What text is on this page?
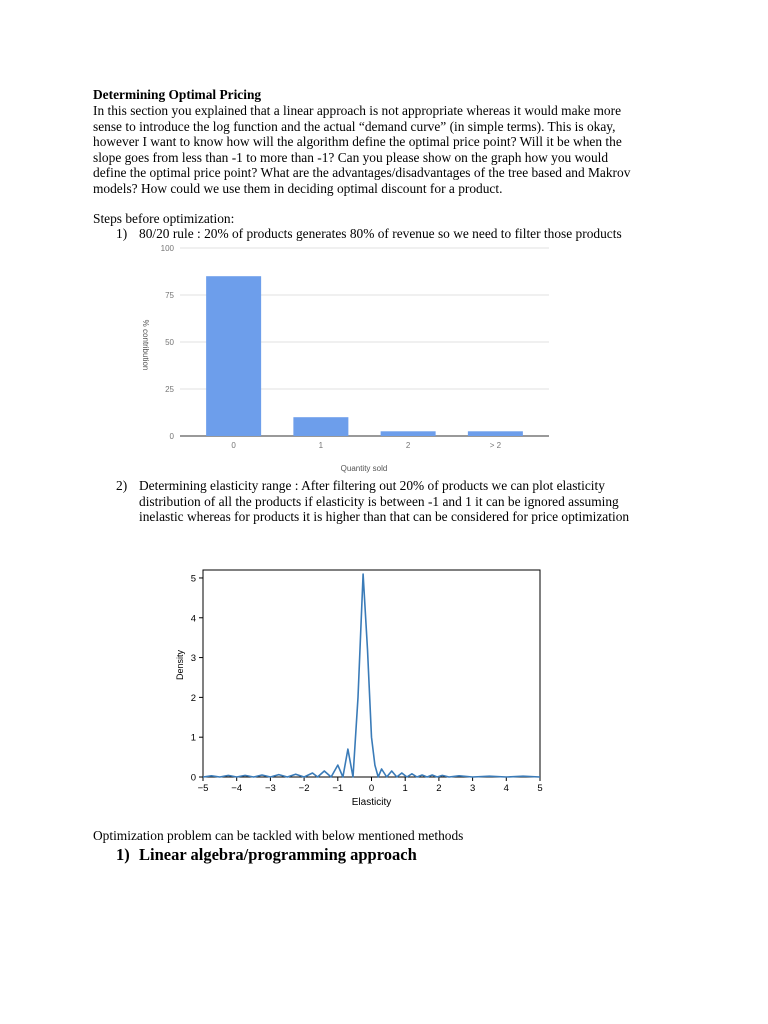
Determining Optimal Pricing
In this section you explained that a linear approach is not appropriate whereas it would make more
sense to introduce the log function and the actual “demand curve” (in simple terms). This is okay,
however I want to know how will the algorithm define the optimal price point? Will it be when the
slope goes from less than -1 to more than -1? Can you please show on the graph how you would
define the optimal price point? What are the advantages/disadvantages of the tree based and Makrov
models? How could we use them in deciding optimal discount for a product.
Steps before optimization:
1) 80/20 rule : 20% of products generates 80% of revenue so we need to filter those products
0
25
50
75
100
0	1	2	> 2
Quantity sold
% contribution
2) Determining elasticity range : After filtering out 20% of products we can plot elasticity
distribution of all the products if elasticity is between -1 and 1 it can be ignored assuming
inelastic whereas for products it is higher than that can be considered for price optimization
−5 −4 −3 −2 −1	0	1	2	3	4	5
0
1
2
3
4
5
Elasticity
Density
Optimization problem can be tackled with below mentioned methods
1) Linear algebra/programming approach
